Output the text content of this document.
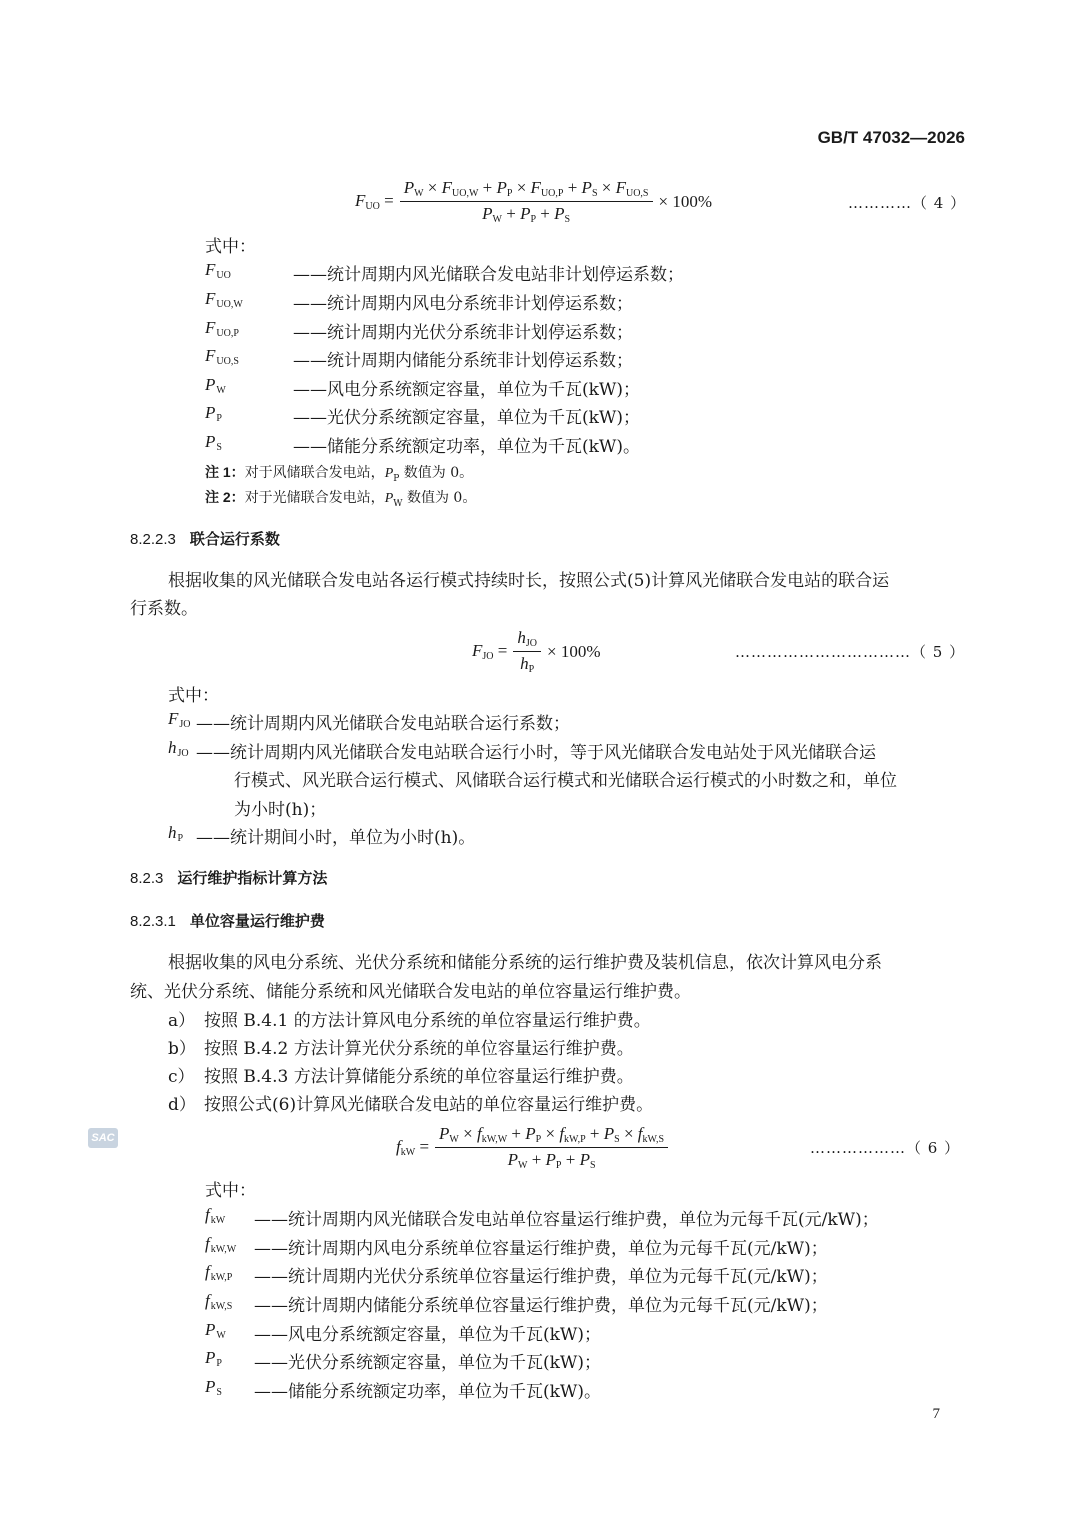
GB/T 47032—2026
$F_{UO} = \frac{P_W \times F_{UO,W} + P_P \times F_{UO,P} + P_S \times F_{UO,S}}{P_W + P_P + P_S} \times 100\%$	…………（ 4 ）
式中：
$F_{UO}$	——统计周期内风光储联合发电站非计划停运系数；
$F_{UO,W}$	——统计周期内风电分系统非计划停运系数；
$F_{UO,P}$	——统计周期内光伏分系统非计划停运系数；
$F_{UO,S}$	——统计周期内储能分系统非计划停运系数；
$P_W$	——风电分系统额定容量，单位为千瓦(kW)；
$P_P$	——光伏分系统额定容量，单位为千瓦(kW)；
$P_S$	——储能分系统额定功率，单位为千瓦(kW)。
注 1：对于风储联合发电站，$P_P$ 数值为 0。
注 2：对于光储联合发电站，$P_W$ 数值为 0。
8.2.2.3 联合运行系数
根据收集的风光储联合发电站各运行模式持续时长，按照公式(5)计算风光储联合发电站的联合运
行系数。
$F_{JO} = \frac{h_{JO}}{h_P} \times 100\%$	……………………………（ 5 ）
式中：
$F_{JO}$ ——统计周期内风光储联合发电站联合运行系数；
$h_{JO}$ ——统计周期内风光储联合发电站联合运行小时，等于风光储联合发电站处于风光储联合运
行模式、风光联合运行模式、风储联合运行模式和光储联合运行模式的小时数之和，单位
为小时(h)；
$h_P$ ——统计期间小时，单位为小时(h)。
8.2.3 运行维护指标计算方法
8.2.3.1 单位容量运行维护费
根据收集的风电分系统、光伏分系统和储能分系统的运行维护费及装机信息，依次计算风电分系
统、光伏分系统、储能分系统和风光储联合发电站的单位容量运行维护费。
a） 按照 B.4.1 的方法计算风电分系统的单位容量运行维护费。
b） 按照 B.4.2 方法计算光伏分系统的单位容量运行维护费。
c） 按照 B.4.3 方法计算储能分系统的单位容量运行维护费。
d） 按照公式(6)计算风光储联合发电站的单位容量运行维护费。
SAC	$f_{kW} = \frac{P_W \times f_{kW,W} + P_P \times f_{kW,P} + P_S \times f_{kW,S}}{P_W + P_P + P_S}$	………………（ 6 ）
式中：
$f_{kW}$ ——统计周期内风光储联合发电站单位容量运行维护费，单位为元每千瓦(元/kW)；
$f_{kW,W}$ ——统计周期内风电分系统单位容量运行维护费，单位为元每千瓦(元/kW)；
$f_{kW,P}$ ——统计周期内光伏分系统单位容量运行维护费，单位为元每千瓦(元/kW)；
$f_{kW,S}$ ——统计周期内储能分系统单位容量运行维护费，单位为元每千瓦(元/kW)；
$P_W$ ——风电分系统额定容量，单位为千瓦(kW)；
$P_P$ ——光伏分系统额定容量，单位为千瓦(kW)；
$P_S$ ——储能分系统额定功率，单位为千瓦(kW)。
7
